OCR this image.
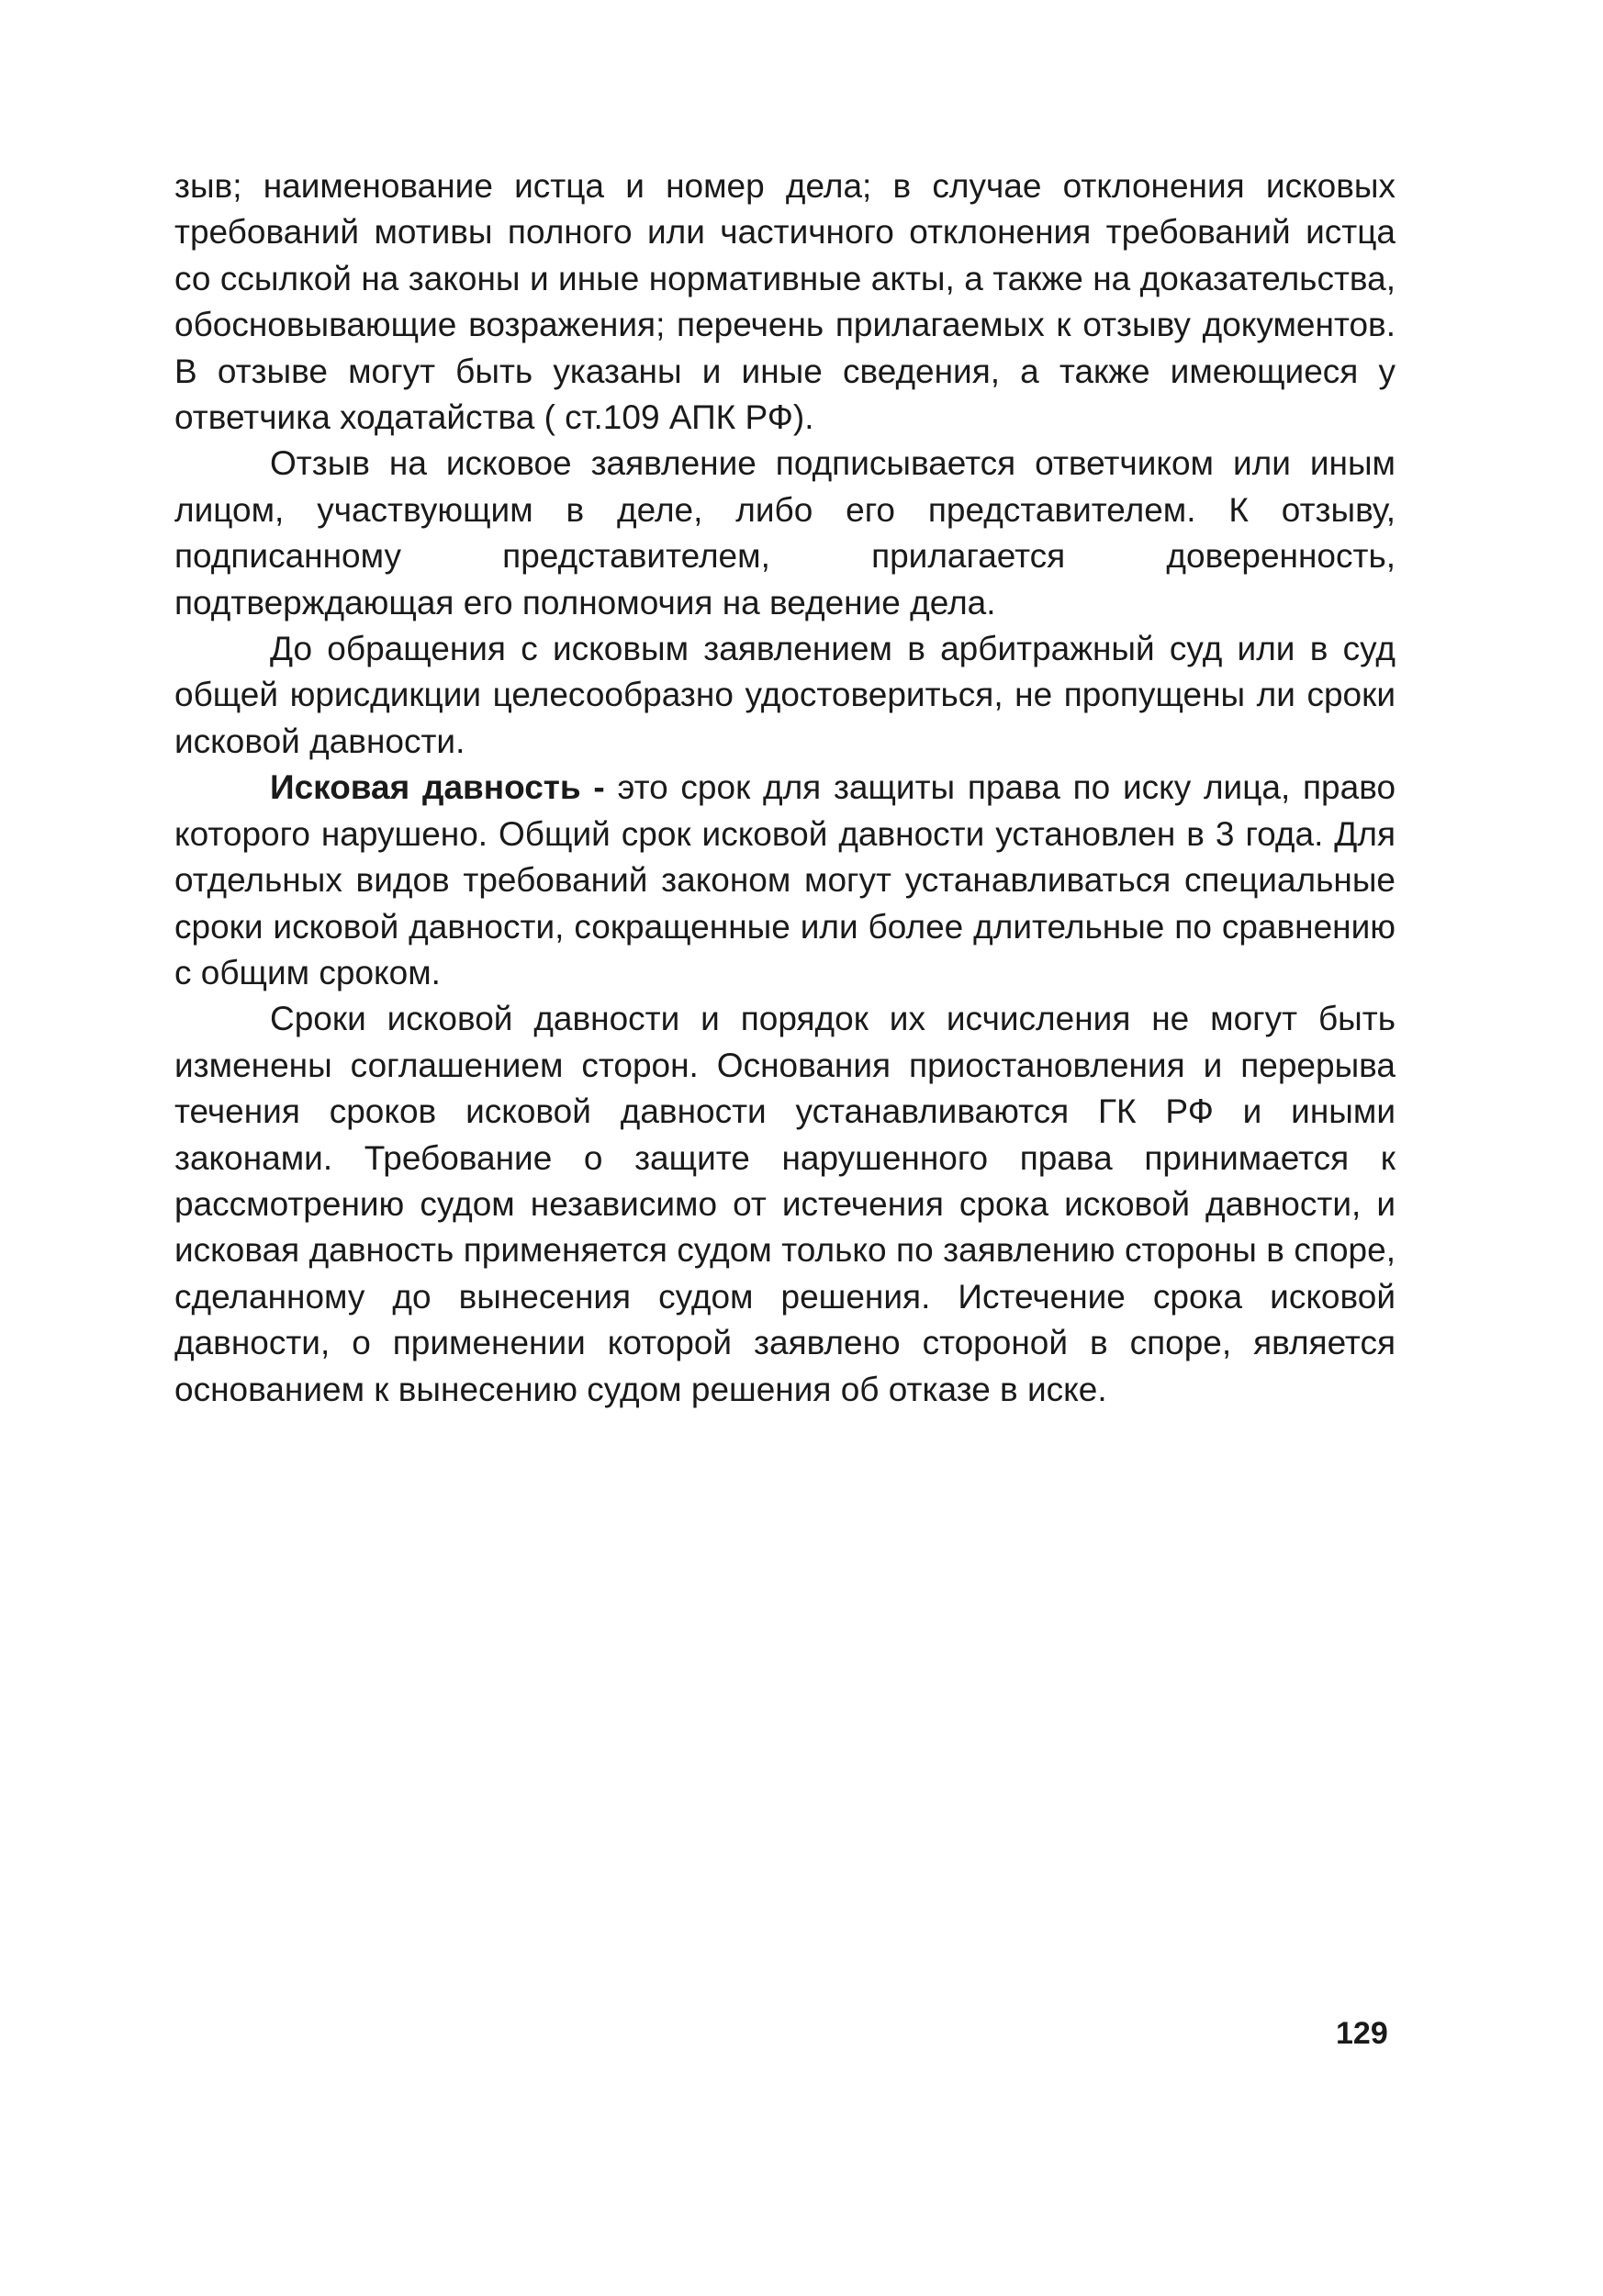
зыв; наименование истца и номер дела; в случае отклонения исковых требований мотивы полного или частичного отклонения требований истца со ссылкой на законы и иные нормативные акты, а также на доказательства, обосновывающие возражения; перечень прилагаемых к отзыву документов. В отзыве могут быть указаны и иные сведения, а также имеющиеся у ответчика ходатайства ( ст.109 АПК РФ).

Отзыв на исковое заявление подписывается ответчиком или иным лицом, участвующим в деле, либо его представителем. К отзыву, подписанному представителем, прилагается доверенность, подтверждающая его полномочия на ведение дела.

До обращения с исковым заявлением в арбитражный суд или в суд общей юрисдикции целесообразно удостовериться, не пропущены ли сроки исковой давности.

Исковая давность - это срок для защиты права по иску лица, право которого нарушено. Общий срок исковой давности установлен в 3 года. Для отдельных видов требований законом могут устанавливаться специальные сроки исковой давности, сокращенные или более длительные по сравнению с общим сроком.

Сроки исковой давности и порядок их исчисления не могут быть изменены соглашением сторон. Основания приостановления и перерыва течения сроков исковой давности устанавливаются ГК РФ и иными законами. Требование о защите нарушенного права принимается к рассмотрению судом независимо от истечения срока исковой давности, и исковая давность применяется судом только по заявлению стороны в споре, сделанному до вынесения судом решения. Истечение срока исковой давности, о применении которой заявлено стороной в споре, является основанием к вынесению судом решения об отказе в иске.

129
